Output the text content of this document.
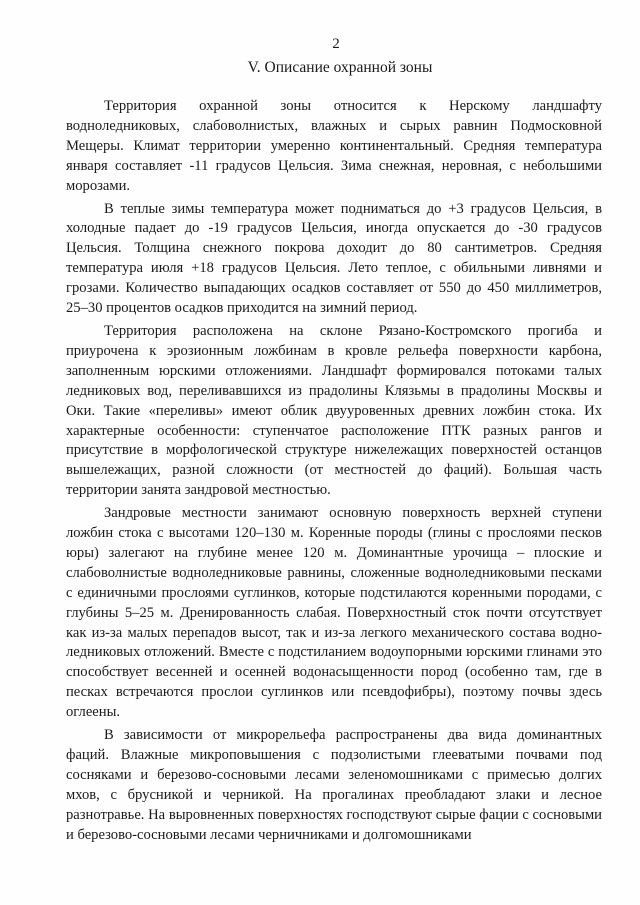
2
V. Описание охранной зоны

Территория охранной зоны относится к Нерскому ландшафту водноледниковых, слабоволнистых, влажных и сырых равнин Подмосковной Мещеры. Климат территории умеренно континентальный. Средняя температура января составляет -11 градусов Цельсия. Зима снежная, неровная, с небольшими морозами.

В теплые зимы температура может подниматься до +3 градусов Цельсия, в холодные падает до -19 градусов Цельсия, иногда опускается до -30 градусов Цельсия. Толщина снежного покрова доходит до 80 сантиметров. Средняя температура июля +18 градусов Цельсия. Лето теплое, с обильными ливнями и грозами. Количество выпадающих осадков составляет от 550 до 450 миллиметров, 25–30 процентов осадков приходится на зимний период.

Территория расположена на склоне Рязано-Костромского прогиба и приурочена к эрозионным ложбинам в кровле рельефа поверхности карбона, заполненным юрскими отложениями. Ландшафт формировался потоками талых ледниковых вод, переливавшихся из прадолины Клязьмы в прадолины Москвы и Оки. Такие «переливы» имеют облик двууровенных древних ложбин стока. Их характерные особенности: ступенчатое расположение ПТК разных рангов и присутствие в морфологической структуре нижележащих поверхностей останцов вышележащих, разной сложности (от местностей до фаций). Большая часть территории занята зандровой местностью.

Зандровые местности занимают основную поверхность верхней ступени ложбин стока с высотами 120–130 м. Коренные породы (глины с прослоями песков юры) залегают на глубине менее 120 м. Доминантные урочища – плоские и слабоволнистые водноледниковые равнины, сложенные водноледниковыми песками с единичными прослоями суглинков, которые подстилаются коренными породами, с глубины 5–25 м. Дренированность слабая. Поверхностный сток почти отсутствует как из-за малых перепадов высот, так и из-за легкого механического состава водно-ледниковых отложений. Вместе с подстиланием водоупорными юрскими глинами это способствует весенней и осенней водонасыщенности пород (особенно там, где в песках встречаются прослои суглинков или псевдофибры), поэтому почвы здесь оглеены.

В зависимости от микрорельефа распространены два вида доминантных фаций. Влажные микроповышения с подзолистыми глееватыми почвами под сосняками и березово-сосновыми лесами зеленомошниками с примесью долгих мхов, с брусникой и черникой. На прогалинах преобладают злаки и лесное разнотравье. На выровненных поверхностях господствуют сырые фации с сосновыми и березово-сосновыми лесами черничниками и долгомошниками
